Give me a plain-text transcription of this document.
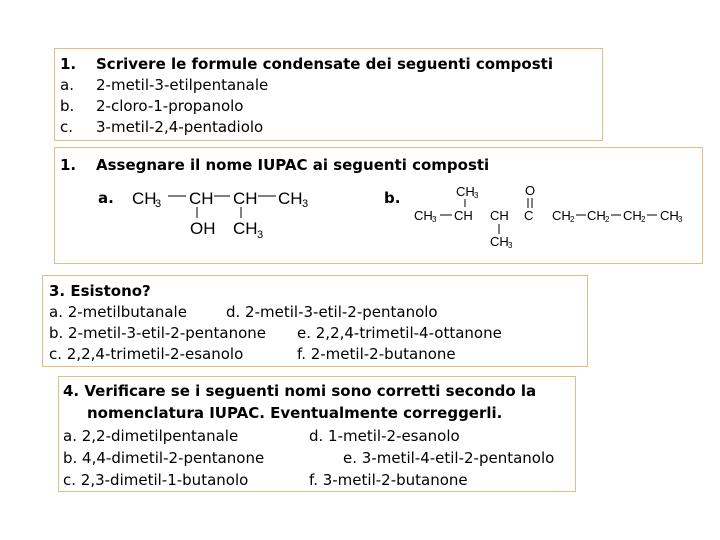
1. Scrivere le formule condensate dei seguenti composti
a. 2-metil-3-etilpentanale
b. 2-cloro-1-propanolo
c. 3-metil-2,4-pentadiolo
1. Assegnare il nome IUPAC ai seguenti composti
a.	b.
CH
3 CH CH CH 3
OH CH 3
CH 3	O
CH 3 CH CH C CH 2 CH 2 CH 2 CH 3
CH 3
3. Esistono?
a. 2-metilbutanale	d. 2-metil-3-etil-2-pentanolo
b. 2-metil-3-etil-2-pentanone e. 2,2,4-trimetil-4-ottanone
c. 2,2,4-trimetil-2-esanolo	f. 2-metil-2-butanone
4. Verificare se i seguenti nomi sono corretti secondo la
nomenclatura IUPAC. Eventualmente correggerli.
a. 2,2-dimetilpentanale	d. 1-metil-2-esanolo
b. 4,4-dimetil-2-pentanone	e. 3-metil-4-etil-2-pentanolo
c. 2,3-dimetil-1-butanolo	f. 3-metil-2-butanone
